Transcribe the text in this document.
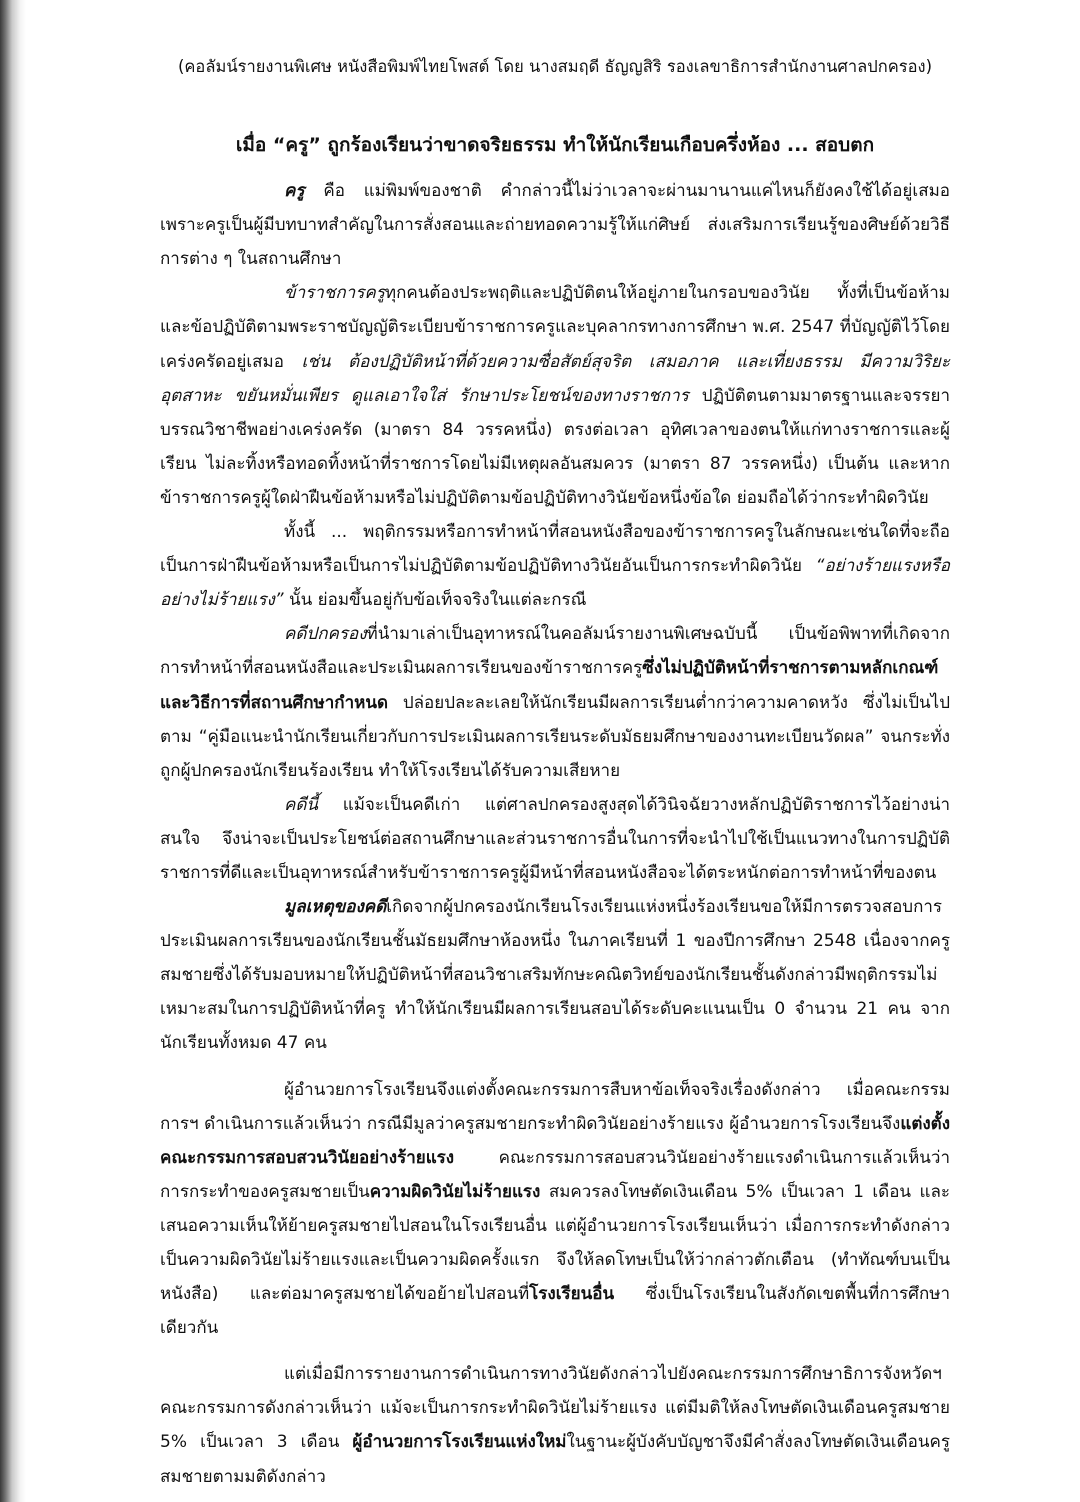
(คอลัมน์รายงานพิเศษ หนังสือพิมพ์ไทยโพสต์ โดย นางสมฤดี ธัญญสิริ รองเลขาธิการสำนักงานศาลปกครอง)

เมื่อ “ครู” ถูกร้องเรียนว่าขาดจริยธรรม ทำให้นักเรียนเกือบครึ่งห้อง ... สอบตก

ครู คือ แม่พิมพ์ของชาติ คำกล่าวนี้ไม่ว่าเวลาจะผ่านมานานแค่ไหนก็ยังคงใช้ได้อยู่เสมอ เพราะครูเป็นผู้มีบทบาทสำคัญในการสั่งสอนและถ่ายทอดความรู้ให้แก่ศิษย์ ส่งเสริมการเรียนรู้ของศิษย์ด้วยวิธีการต่าง ๆ ในสถานศึกษา

ข้าราชการครูทุกคนต้องประพฤติและปฏิบัติตนให้อยู่ภายในกรอบของวินัย ทั้งที่เป็นข้อห้ามและข้อปฏิบัติตามพระราชบัญญัติระเบียบข้าราชการครูและบุคลากรทางการศึกษา พ.ศ. 2547 ที่บัญญัติไว้โดยเคร่งครัดอยู่เสมอ เช่น ต้องปฏิบัติหน้าที่ด้วยความซื่อสัตย์สุจริต เสมอภาค และเที่ยงธรรม มีความวิริยะอุตสาหะ ขยันหมั่นเพียร ดูแลเอาใจใส่ รักษาประโยชน์ของทางราชการ ปฏิบัติตนตามมาตรฐานและจรรยาบรรณวิชาชีพอย่างเคร่งครัด (มาตรา 84 วรรคหนึ่ง) ตรงต่อเวลา อุทิศเวลาของตนให้แก่ทางราชการและผู้เรียน ไม่ละทิ้งหรือทอดทิ้งหน้าที่ราชการโดยไม่มีเหตุผลอันสมควร (มาตรา 87 วรรคหนึ่ง) เป็นต้น และหากข้าราชการครูผู้ใดฝ่าฝืนข้อห้ามหรือไม่ปฏิบัติตามข้อปฏิบัติทางวินัยข้อหนึ่งข้อใด ย่อมถือได้ว่ากระทำผิดวินัย

ทั้งนี้ ... พฤติกรรมหรือการทำหน้าที่สอนหนังสือของข้าราชการครูในลักษณะเช่นใดที่จะถือเป็นการฝ่าฝืนข้อห้ามหรือเป็นการไม่ปฏิบัติตามข้อปฏิบัติทางวินัยอันเป็นการกระทำผิดวินัย “อย่างร้ายแรงหรืออย่างไม่ร้ายแรง” นั้น ย่อมขึ้นอยู่กับข้อเท็จจริงในแต่ละกรณี

คดีปกครองที่นำมาเล่าเป็นอุทาหรณ์ในคอลัมน์รายงานพิเศษฉบับนี้ เป็นข้อพิพาทที่เกิดจากการทำหน้าที่สอนหนังสือและประเมินผลการเรียนของข้าราชการครูซึ่งไม่ปฏิบัติหน้าที่ราชการตามหลักเกณฑ์และวิธีการที่สถานศึกษากำหนด ปล่อยปละละเลยให้นักเรียนมีผลการเรียนต่ำกว่าความคาดหวัง ซึ่งไม่เป็นไปตาม “คู่มือแนะนำนักเรียนเกี่ยวกับการประเมินผลการเรียนระดับมัธยมศึกษาของงานทะเบียนวัดผล” จนกระทั่งถูกผู้ปกครองนักเรียนร้องเรียน ทำให้โรงเรียนได้รับความเสียหาย

คดีนี้ แม้จะเป็นคดีเก่า แต่ศาลปกครองสูงสุดได้วินิจฉัยวางหลักปฏิบัติราชการไว้อย่างน่าสนใจ จึงน่าจะเป็นประโยชน์ต่อสถานศึกษาและส่วนราชการอื่นในการที่จะนำไปใช้เป็นแนวทางในการปฏิบัติราชการที่ดีและเป็นอุทาหรณ์สำหรับข้าราชการครูผู้มีหน้าที่สอนหนังสือจะได้ตระหนักต่อการทำหน้าที่ของตน

มูลเหตุของคดีเกิดจากผู้ปกครองนักเรียนโรงเรียนแห่งหนึ่งร้องเรียนขอให้มีการตรวจสอบการประเมินผลการเรียนของนักเรียนชั้นมัธยมศึกษาห้องหนึ่ง ในภาคเรียนที่ 1 ของปีการศึกษา 2548 เนื่องจากครูสมชายซึ่งได้รับมอบหมายให้ปฏิบัติหน้าที่สอนวิชาเสริมทักษะคณิตวิทย์ของนักเรียนชั้นดังกล่าวมีพฤติกรรมไม่เหมาะสมในการปฏิบัติหน้าที่ครู ทำให้นักเรียนมีผลการเรียนสอบได้ระดับคะแนนเป็น 0 จำนวน 21 คน จากนักเรียนทั้งหมด 47 คน

ผู้อำนวยการโรงเรียนจึงแต่งตั้งคณะกรรมการสืบหาข้อเท็จจริงเรื่องดังกล่าว เมื่อคณะกรรมการฯ ดำเนินการแล้วเห็นว่า กรณีมีมูลว่าครูสมชายกระทำผิดวินัยอย่างร้ายแรง ผู้อำนวยการโรงเรียนจึงแต่งตั้งคณะกรรมการสอบสวนวินัยอย่างร้ายแรง คณะกรรมการสอบสวนวินัยอย่างร้ายแรงดำเนินการแล้วเห็นว่า การกระทำของครูสมชายเป็นความผิดวินัยไม่ร้ายแรง สมควรลงโทษตัดเงินเดือน 5% เป็นเวลา 1 เดือน และเสนอความเห็นให้ย้ายครูสมชายไปสอนในโรงเรียนอื่น แต่ผู้อำนวยการโรงเรียนเห็นว่า เมื่อการกระทำดังกล่าวเป็นความผิดวินัยไม่ร้ายแรงและเป็นความผิดครั้งแรก จึงให้ลดโทษเป็นให้ว่ากล่าวตักเตือน (ทำทัณฑ์บนเป็นหนังสือ) และต่อมาครูสมชายได้ขอย้ายไปสอนที่โรงเรียนอื่น ซึ่งเป็นโรงเรียนในสังกัดเขตพื้นที่การศึกษาเดียวกัน

แต่เมื่อมีการรายงานการดำเนินการทางวินัยดังกล่าวไปยังคณะกรรมการศึกษาธิการจังหวัดฯ คณะกรรมการดังกล่าวเห็นว่า แม้จะเป็นการกระทำผิดวินัยไม่ร้ายแรง แต่มีมติให้ลงโทษตัดเงินเดือนครูสมชาย 5% เป็นเวลา 3 เดือน ผู้อำนวยการโรงเรียนแห่งใหม่ในฐานะผู้บังคับบัญชาจึงมีคำสั่งลงโทษตัดเงินเดือนครูสมชายตามมติดังกล่าว
